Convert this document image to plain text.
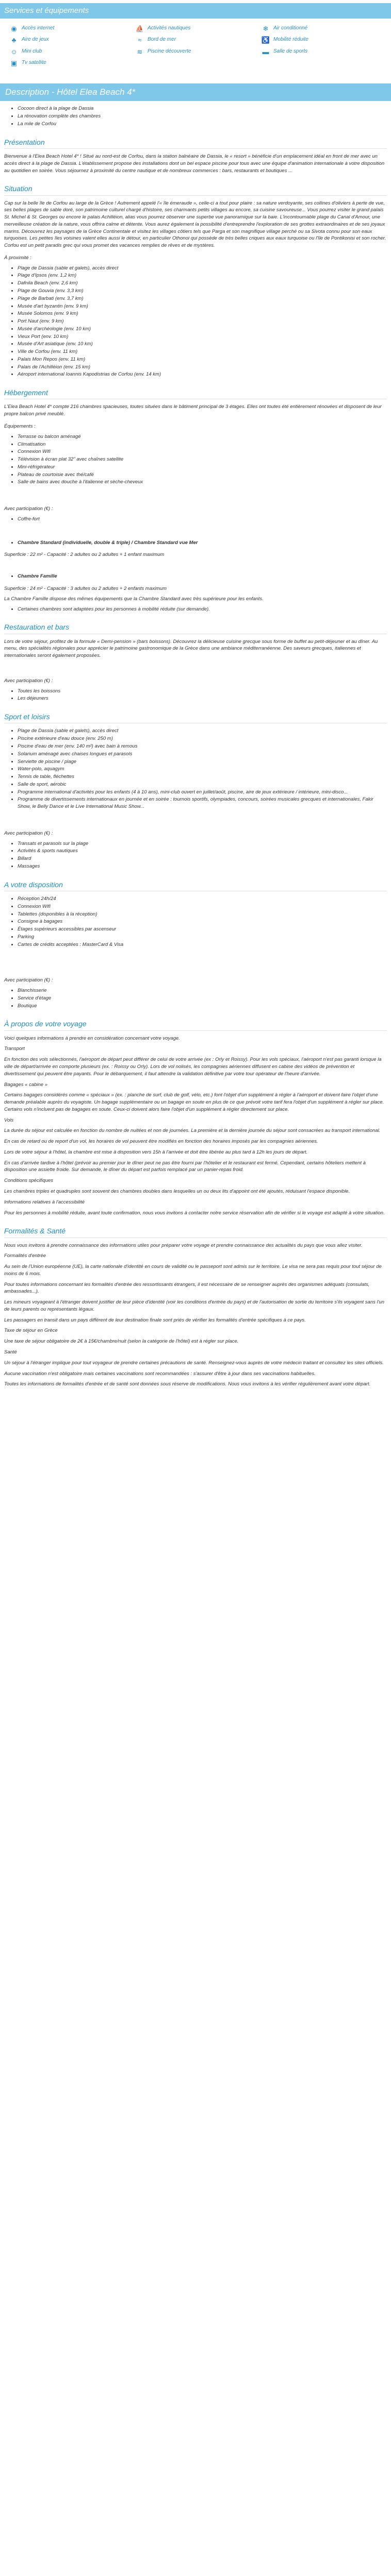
Services et équipements
◉ Accès internet	⛵ Activités nautiques	❄ Air conditionné
♣	Aire de jeux	≈	Bord de mer	♿ Mobilité réduite
☺ Mini club	≋ Piscine découverte	▬ Salle de sports
▣ Tv satellite
Description - Hôtel Elea Beach 4*
• Cocoon direct à la plage de Dassia
• La rénovation complète des chambres
• La mile de Corfou
Présentation

Bienvenue à l'Elea Beach Hotel 4* ! Situé au nord-est de Corfou, dans la station balnéaire de Dassia, le « resort » bénéficie d'un emplacement idéal en front de mer avec un accès direct à la plage de Dassia. L'établissement propose des installations dont un bel espace piscine pour tous avec une équipe d'animation internationale à votre disposition au quotidien en soirée. Vous séjournez à proximité du centre nautique et de nombreux commerces : bars, restaurants et boutiques ...

Situation

Cap sur la belle île de Corfou au large de la Grèce ! Autrement appelé l'« île émeraude », celle-ci a tout pour plaire : sa nature verdoyante, ses collines d'oliviers à perte de vue, ses belles plages de sable doré, son patrimoine culturel chargé d'histoire, ses charmants petits villages au encore, sa cuisine savoureuse... Vous pourrez visiter le grand palais St. Michel & St. Georges ou encore le palais Achilléion, alias vous pourrez observer une superbe vue panoramique sur la baie. L'incontournable plage du Canal d'Amour, une merveilleuse création de la nature, vous offrira calme et détente. Vous aurez également la possibilité d'entreprendre l'exploration de ses grottes extraordinaires et de ses joyaux marins. Découvrez les paysages de la Grèce Continentale et visitez les villages côtiers tels que Parga et son magnifique village perché ou sa Sivota connu pour son eaux turquoises. Les petites îles voisines valent elles aussi le détour, en particulier Othonoi qui possède de très belles criques aux eaux turquoise ou l'île de Pontikonisi et son rocher. Corfou est un petit paradis grec qui vous promet des vacances remplies de rêves et de mystères.

À proximité :
• Plage de Dassia (sable et galets), accès direct
• Plage d'Ipsos (env. 1,2 km)
• Dafnila Beach (env. 2,6 km)
• Plage de Gouvia (env. 3,3 km)
• Plage de Barbati (env. 3,7 km)
• Musée d'art byzantin (env. 9 km)
• Musée Solomos (env. 9 km)
• Port Naut (env. 9 km)
• Musée d'archéologie (env. 10 km)
• Vieux Port (env. 10 km)
• Musée d'Art asiatique (env. 10 km)
• Ville de Corfou (env. 11 km)
• Palais Mon Repos (env. 11 km)
• Palais de l'Achilléion (env. 15 km)
• Aéroport international Ioannis Kapodistrias de Corfou (env. 14 km)
Hébergement

L'Elea Beach Hotel 4* compte 216 chambres spacieuses, toutes situées dans le bâtiment principal de 3 étages. Elles ont toutes été entièrement rénovées et disposent de leur propre balcon privé meublé.

Équipements :
• Terrasse ou balcon aménagé
• Climatisation
• Connexion Wifi
• Télévision à écran plat 32" avec chaînes satellite
• Mini-réfrigérateur
• Plateau de courtoisie avec thé/café
• Salle de bains avec douche à l'italienne et sèche-cheveux
Avec participation (€) :
• Coffre-fort
• Chambre Standard (individuelle, double & triple) / Chambre Standard vue Mer
Superficie : 22 m² - Capacité : 2 adultes ou 2 adultes + 1 enfant maximum
• Chambre Famille
Superficie : 24 m² - Capacité : 3 adultes ou 2 adultes + 2 enfants maximum
La Chambre Famille dispose des mêmes équipements que la Chambre Standard avec très supérieure pour les enfants.
• Certaines chambres sont adaptées pour les personnes à mobilité réduite (sur demande).
Restauration et bars

Lors de votre séjour, profitez de la formule « Demi-pension » (bars boissons). Découvrez la délicieuse cuisine grecque sous forme de buffet au petit-déjeuner et au dîner. Au menu, des spécialités régionales pour apprécier le patrimoine gastronomique de la Grèce dans une ambiance méditerranéenne. Des saveurs grecques, italiennes et internationales seront également proposées.

Avec participation (€) :
• Toutes les boissons
• Les déjeuners
Sport et loisirs
• Plage de Dassia (sable et galets), accès direct
• Piscine extérieure d'eau douce (env. 250 m)
• Piscine d'eau de mer (env. 140 m²) avec bain à remous
• Solarium aménagé avec chaises longues et parasols
• Serviette de piscine / plage
• Water-polo, aquagym
• Tennis de table, fléchettes
• Salle de sport, aérobic
• Programme international d'activités pour les enfants (4 à 10 ans), mini-club ouvert en juillet/août, piscine, aire de jeux extérieure / intérieure, mini-disco...
• Programme de divertissements internationaux en journée et en soirée : tournois sportifs, olympiades, concours, soirées musicales grecques et internationales, Fakir Show, le Belly Dance et le Live International Music Show...
Avec participation (€) :
• Transats et parasols sur la plage
• Activités & sports nautiques
• Billard
• Massages
A votre disposition
• Réception 24h/24
• Connexion Wifi
• Tablettes (disponibles à la réception)
• Consigne à bagages
• Étages supérieurs accessibles par ascenseur
• Parking
• Cartes de crédits acceptées : MasterCard & Visa
Avec participation (€) :
• Blanchisserie
• Service d'étage
• Boutique
À propos de votre voyage

Voici quelques informations à prendre en considération concernant votre voyage.

Transport

En fonction des vols sélectionnés, l'aéroport de départ peut différer de celui de votre arrivée (ex : Orly et Roissy). Pour les vols spéciaux, l'aéroport n'est pas garanti lorsque la ville de départ/arrivée en comporte plusieurs (ex. : Roissy ou Orly). Lors de vol nolisés, les compagnies aériennes diffusent en cabine des vidéos de prévention et divertissement qui peuvent être payants. Pour le débarquement, il faut attendre la validation définitive par votre tour opérateur de l'heure d'arrivée.

Bagages « cabine »

Certains bagages considérés comme « spéciaux » (ex. : planche de surf, club de golf, vélo, etc.) font l'objet d'un supplément à régler à l'aéroport et doivent faire l'objet d'une demande préalable auprès du voyagiste. Un bagage supplémentaire ou un bagage en soute en plus de ce que prévoit votre tarif fera l'objet d'un supplément à régler sur place. Certains vols n'incluent pas de bagages en soute. Ceux-ci doivent alors faire l'objet d'un supplément à régler directement sur place.

Vols

La durée du séjour est calculée en fonction du nombre de nuitées et non de journées. La première et la dernière journée du séjour sont consacrées au transport international.

En cas de retard ou de report d'un vol, les horaires de vol peuvent être modifiés en fonction des horaires imposés par les compagnies aériennes.

Lors de votre séjour à l'hôtel, la chambre est mise à disposition vers 15h à l'arrivée et doit être libérée au plus tard à 12h les jours de départ.

En cas d'arrivée tardive à l'hôtel (prévoir au premier jour le dîner peut ne pas être fourni par l'hôtelier et le restaurant est fermé. Cependant, certains hôteliers mettent à disposition une assiette froide. Sur demande, le dîner du départ est parfois remplacé par un panier-repas froid.

Conditions spécifiques

Les chambres triples et quadruples sont souvent des chambres doubles dans lesquelles un ou deux lits d'appoint ont été ajoutés, réduisant l'espace disponible.

Informations relatives à l'accessibilité

Pour les personnes à mobilité réduite, avant toute confirmation, nous vous invitons à contacter notre service réservation afin de vérifier si le voyage est adapté à votre situation.

Formalités & Santé

Nous vous invitons à prendre connaissance des informations utiles pour préparer votre voyage et prendre connaissance des actualités du pays que vous allez visiter.

Formalités d'entrée

Au sein de l'Union européenne (UE), la carte nationale d'identité en cours de validité ou le passeport sont admis sur le territoire. Le visa ne sera pas requis pour tout séjour de moins de 6 mois.

Pour toutes informations concernant les formalités d'entrée des ressortissants étrangers, il est nécessaire de se renseigner auprès des organismes adéquats (consulats, ambassades...).

Les mineurs voyageant à l'étranger doivent justifier de leur pièce d'identité (voir les conditions d'entrée du pays) et de l'autorisation de sortie du territoire s'ils voyagent sans l'un de leurs parents ou représentants légaux.

Les passagers en transit dans un pays différent de leur destination finale sont priés de vérifier les formalités d'entrée spécifiques à ce pays.

Taxe de séjour en Grèce

Une taxe de séjour obligatoire de 2€ à 15€/chambre/nuit (selon la catégorie de l'hôtel) est à régler sur place.

Santé

Un séjour à l'étranger implique pour tout voyageur de prendre certaines précautions de santé. Renseignez-vous auprès de votre médecin traitant et consultez les sites officiels.

Aucune vaccination n'est obligatoire mais certaines vaccinations sont recommandées : s'assurer d'être à jour dans ses vaccinations habituelles.

Toutes les informations de formalités d'entrée et de santé sont données sous réserve de modifications. Nous vous invitons à les vérifier régulièrement avant votre départ.
